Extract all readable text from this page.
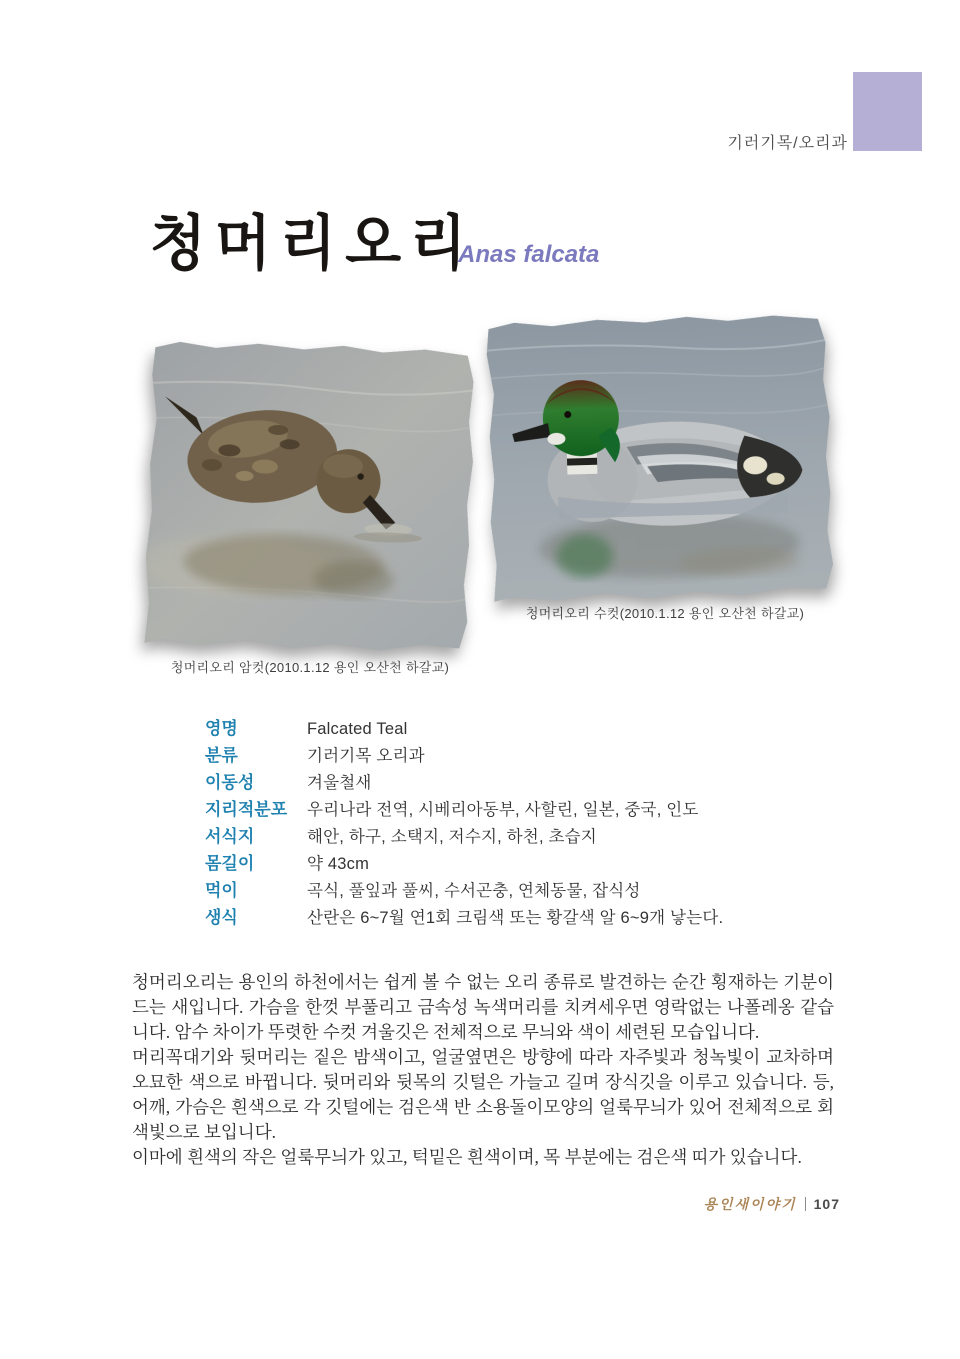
기러기목/오리과
청머리오리
Anas falcata
청머리오리 암컷(2010.1.12 용인 오산천 하갈교)
청머리오리 수컷(2010.1.12 용인 오산천 하갈교)
영명	Falcated Teal
분류	기러기목 오리과
이동성	겨울철새
지리적분포	우리나라 전역, 시베리아동부, 사할린, 일본, 중국, 인도
서식지	해안, 하구, 소택지, 저수지, 하천, 초습지
몸길이	약 43cm
먹이	곡식, 풀잎과 풀씨, 수서곤충, 연체동물, 잡식성
생식	산란은 6~7월 연1회 크림색 또는 황갈색 알 6~9개 낳는다.

청머리오리는 용인의 하천에서는 쉽게 볼 수 없는 오리 종류로 발견하는 순간 횡재하는 기분이 드는 새입니다. 가슴을 한껏 부풀리고 금속성 녹색머리를 치켜세우면 영락없는 나폴레옹 같습니다. 암수 차이가 뚜렷한 수컷 겨울깃은 전체적으로 무늬와 색이 세련된 모습입니다.

머리꼭대기와 뒷머리는 짙은 밤색이고, 얼굴옆면은 방향에 따라 자주빛과 청녹빛이 교차하며 오묘한 색으로 바뀝니다. 뒷머리와 뒷목의 깃털은 가늘고 길며 장식깃을 이루고 있습니다. 등, 어깨, 가슴은 흰색으로 각 깃털에는 검은색 반 소용돌이모양의 얼룩무늬가 있어 전체적으로 회색빛으로 보입니다.

이마에 흰색의 작은 얼룩무늬가 있고, 턱밑은 흰색이며, 목 부분에는 검은색 띠가 있습니다.

용인새이야기 107
